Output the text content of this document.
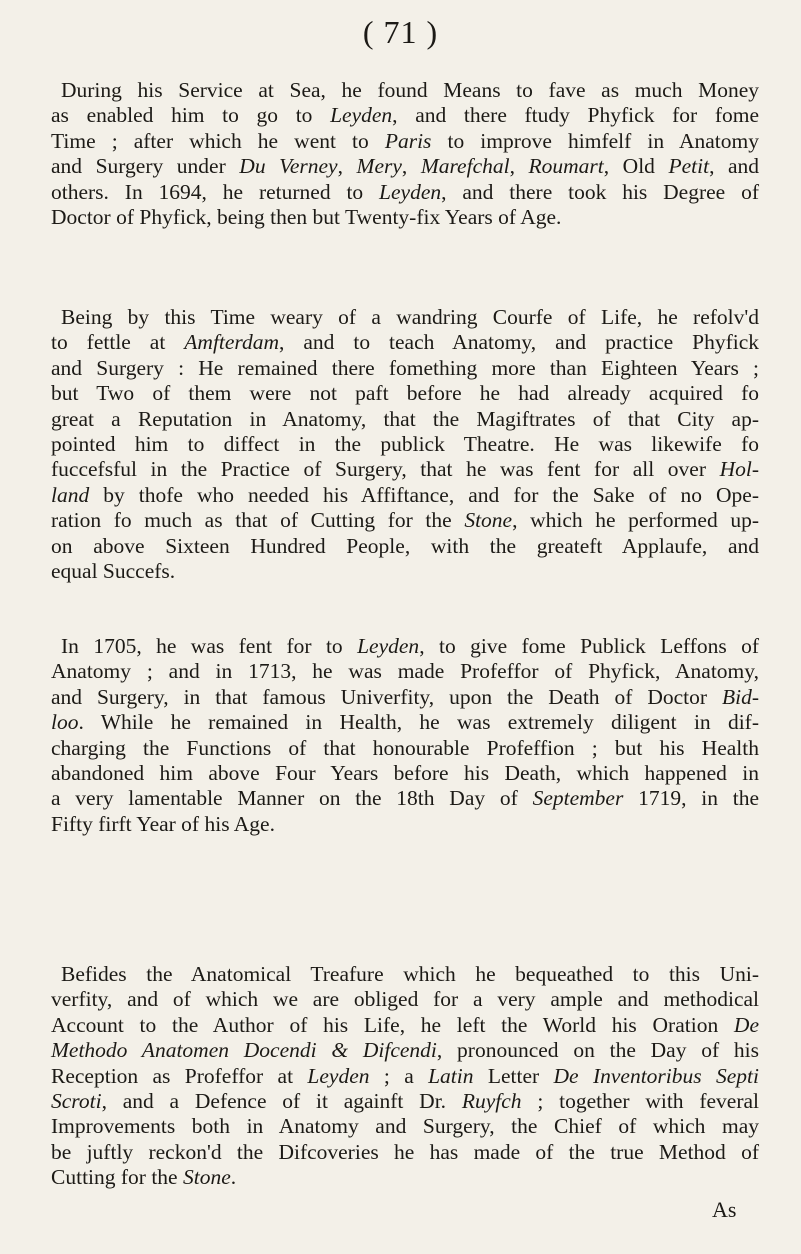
( 71 )
During his Service at Sea, he found Means to fave as much Money
as enabled him to go to Leyden, and there ftudy Phyfick for fome
Time ; after which he went to Paris to improve himfelf in Anatomy
and Surgery under Du Verney, Mery, Marefchal, Roumart, Old Petit, and
others. In 1694, he returned to Leyden, and there took his Degree of
Doctor of Phyfick, being then but Twenty-fix Years of Age.
Being by this Time weary of a wandring Courfe of Life, he refolv'd
to fettle at Amfterdam, and to teach Anatomy, and practice Phyfick
and Surgery : He remained there fomething more than Eighteen Years ;
but Two of them were not paft before he had already acquired fo
great a Reputation in Anatomy, that the Magiftrates of that City ap-
pointed him to diffect in the publick Theatre. He was likewife fo
fuccefsful in the Practice of Surgery, that he was fent for all over Hol-
land by thofe who needed his Affiftance, and for the Sake of no Ope-
ration fo much as that of Cutting for the Stone, which he performed up-
on above Sixteen Hundred People, with the greateft Applaufe, and
equal Succefs.
In 1705, he was fent for to Leyden, to give fome Publick Leffons of
Anatomy ; and in 1713, he was made Profeffor of Phyfick, Anatomy,
and Surgery, in that famous Univerfity, upon the Death of Doctor Bid-
loo. While he remained in Health, he was extremely diligent in dif-
charging the Functions of that honourable Profeffion ; but his Health
abandoned him above Four Years before his Death, which happened in
a very lamentable Manner on the 18th Day of September 1719, in the
Fifty firft Year of his Age.
Befides the Anatomical Treafure which he bequeathed to this Uni-
verfity, and of which we are obliged for a very ample and methodical
Account to the Author of his Life, he left the World his Oration De
Methodo Anatomen Docendi & Difcendi, pronounced on the Day of his
Reception as Profeffor at Leyden ; a Latin Letter De Inventoribus Septi
Scroti, and a Defence of it againft Dr. Ruyfch ; together with feveral
Improvements both in Anatomy and Surgery, the Chief of which may
be juftly reckon'd the Difcoveries he has made of the true Method of
Cutting for the Stone.
As
